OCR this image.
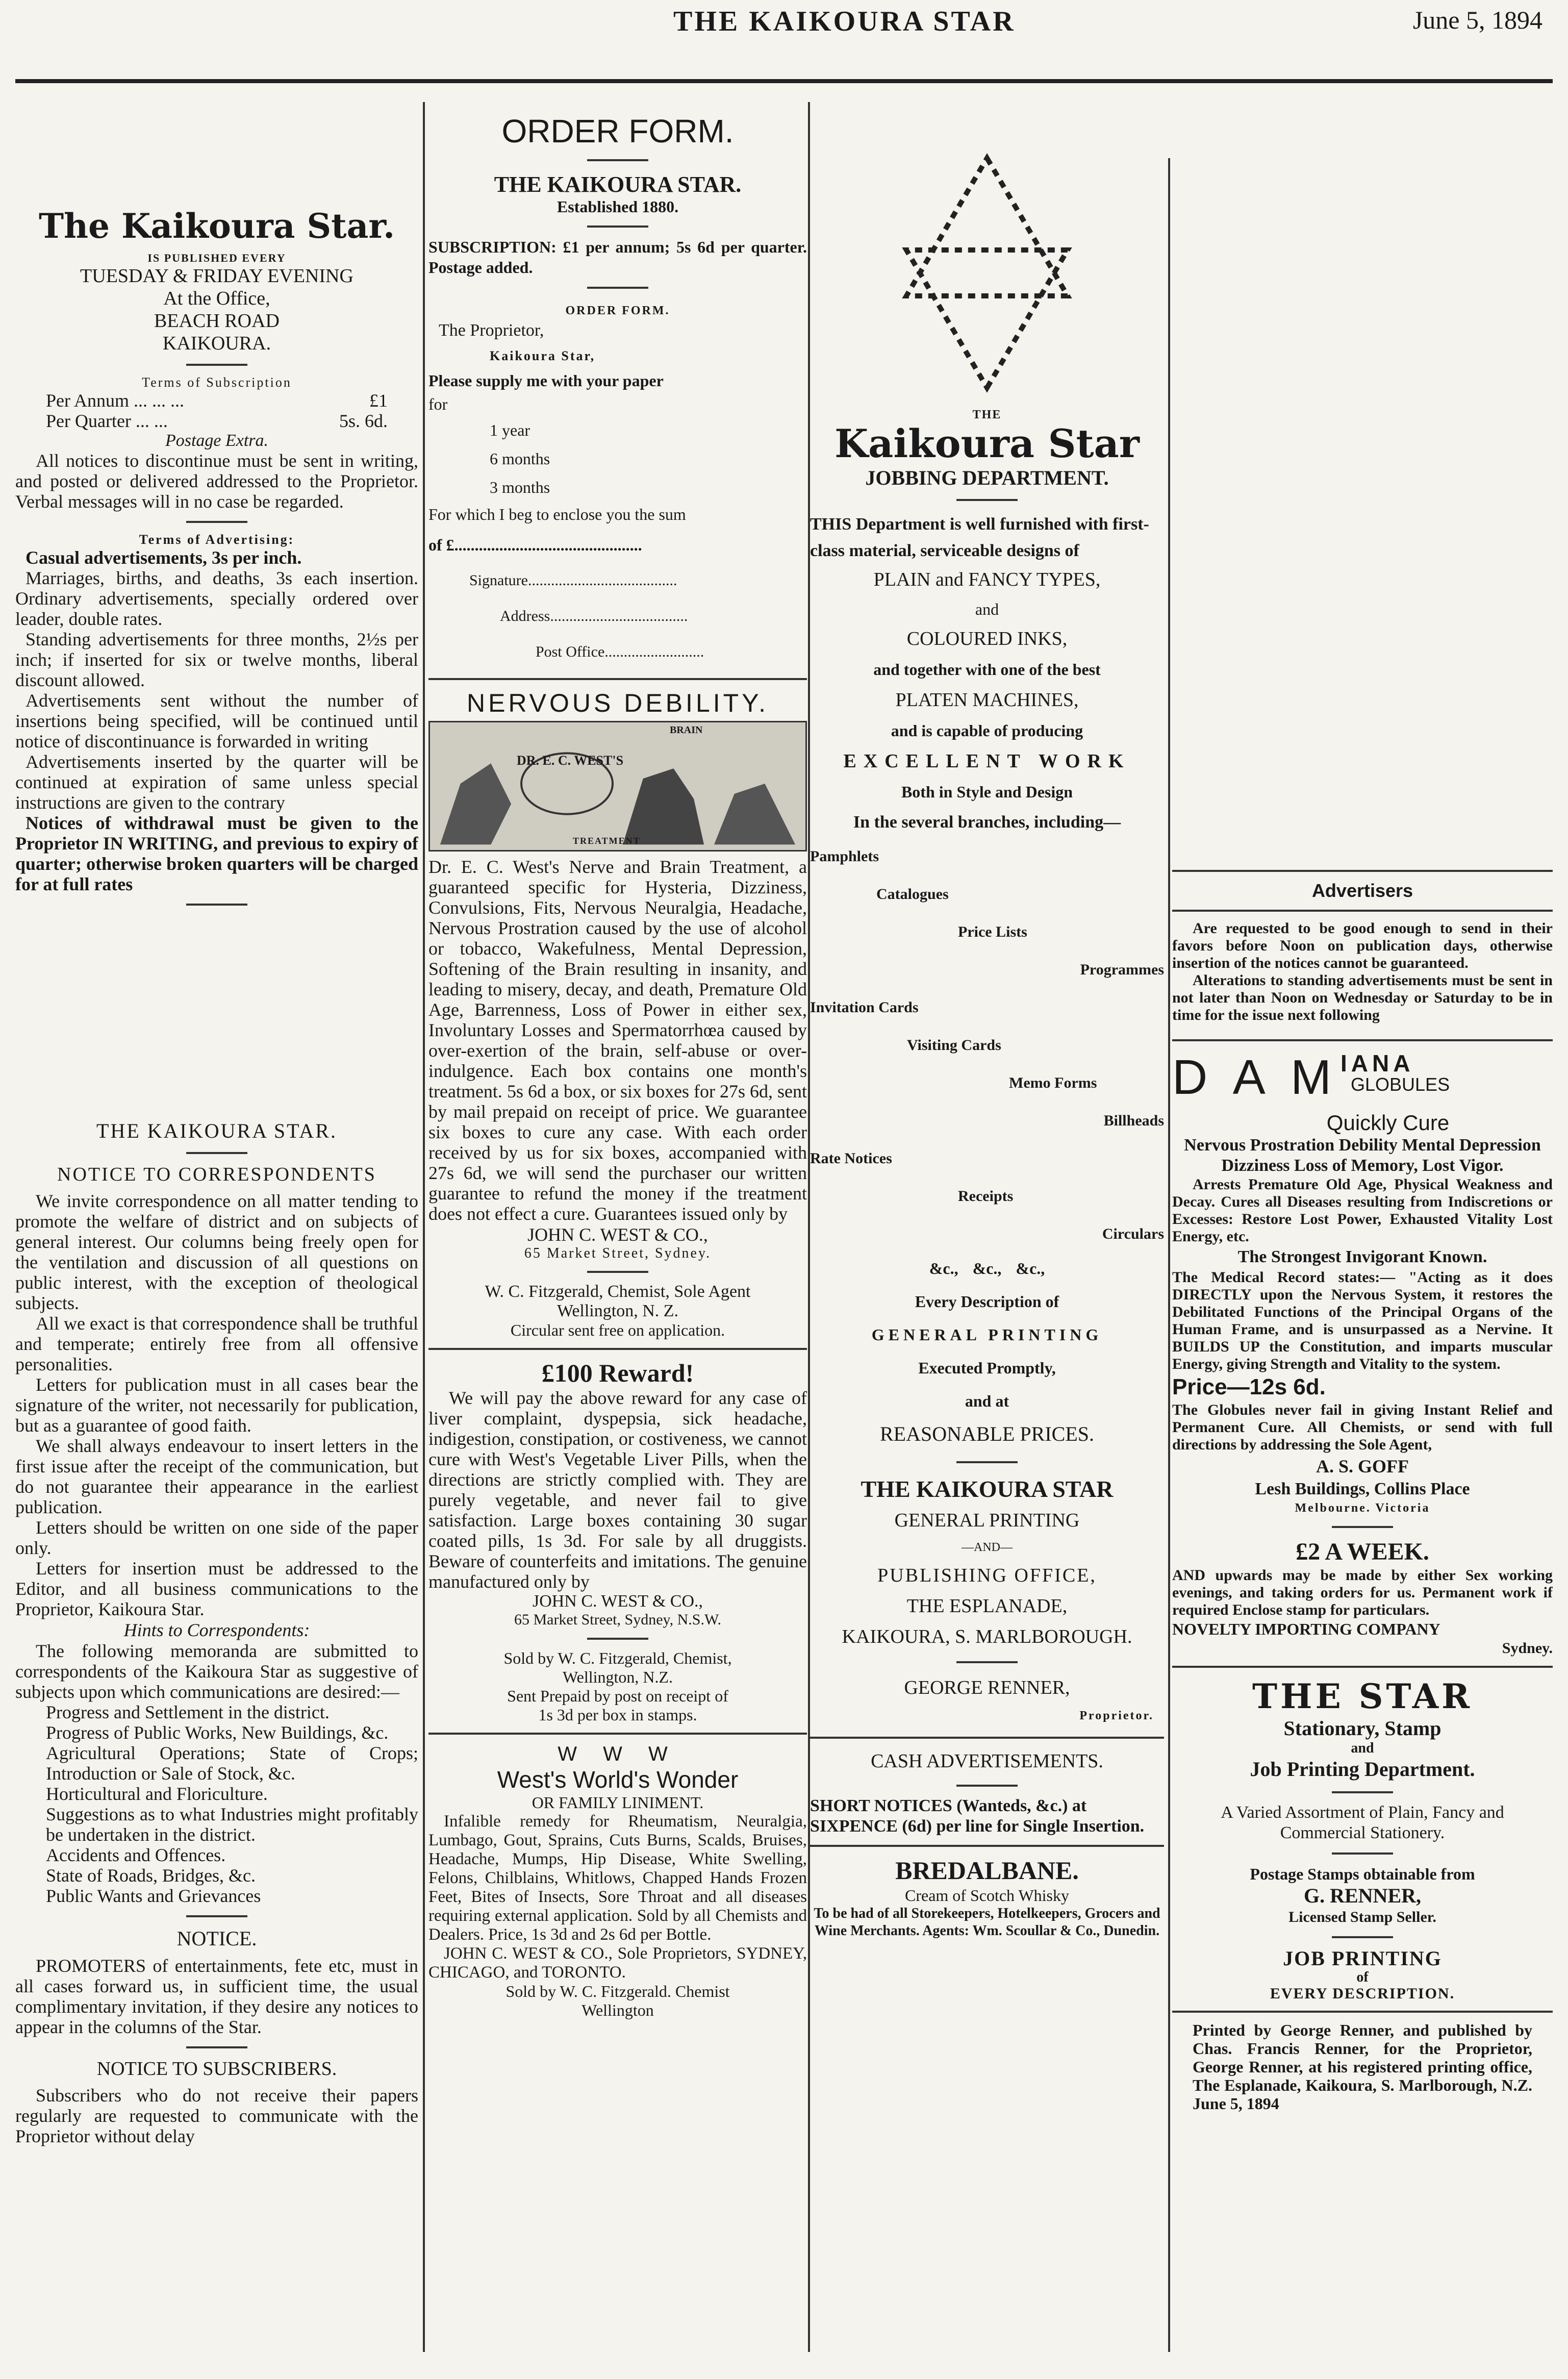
THE KAIKOURA STAR	June 5, 1894

The Kaikoura Star.

IS PUBLISHED EVERY

TUESDAY & FRIDAY EVENING

At the Office,

BEACH ROAD

KAIKOURA.

Terms of Subscription

Per Annum ... ... ...	£1
Per Quarter ... ...	5s. 6d.

Postage Extra.

All notices to discontinue must be sent in writing, and posted or delivered addressed to the Proprietor. Verbal messages will in no case be regarded.

Terms of Advertising:

Casual advertisements, 3s per inch.

Marriages, births, and deaths, 3s each insertion. Ordinary advertisements, specially ordered over leader, double rates.

Standing advertisements for three months, 2½s per inch; if inserted for six or twelve months, liberal discount allowed.

Advertisements sent without the number of insertions being specified, will be continued until notice of discontinuance is forwarded in writing

Advertisements inserted by the quarter will be continued at expiration of same unless special instructions are given to the contrary

Notices of withdrawal must be given to the Proprietor IN WRITING, and previous to expiry of quarter; otherwise broken quarters will be charged for at full rates

THE KAIKOURA STAR.

NOTICE TO CORRESPONDENTS

We invite correspondence on all matter tending to promote the welfare of district and on subjects of general interest. Our columns being freely open for the ventilation and discussion of all questions on public interest, with the exception of theological subjects.

All we exact is that correspondence shall be truthful and temperate; entirely free from all offensive personalities.

Letters for publication must in all cases bear the signature of the writer, not necessarily for publication, but as a guarantee of good faith.

We shall always endeavour to insert letters in the first issue after the receipt of the communication, but do not guarantee their appearance in the earliest publication.

Letters should be written on one side of the paper only.

Letters for insertion must be addressed to the Editor, and all business communications to the Proprietor, Kaikoura Star.

Hints to Correspondents:

The following memoranda are submitted to correspondents of the Kaikoura Star as suggestive of subjects upon which communications are desired:—

Progress and Settlement in the district.

Progress of Public Works, New Buildings, &c.

Agricultural Operations; State of Crops; Introduction or Sale of Stock, &c.

Horticultural and Floriculture.

Suggestions as to what Industries might profitably be undertaken in the district.

Accidents and Offences.

State of Roads, Bridges, &c.

Public Wants and Grievances

NOTICE.

PROMOTERS of entertainments, fete etc, must in all cases forward us, in sufficient time, the usual complimentary invitation, if they desire any notices to appear in the columns of the Star.

NOTICE TO SUBSCRIBERS.

Subscribers who do not receive their papers regularly are requested to communicate with the Proprietor without delay

ORDER FORM.

THE KAIKOURA STAR.

Established 1880.

SUBSCRIPTION: £1 per annum; 5s 6d per quarter. Postage added.

ORDER FORM.

The Proprietor,

Kaikoura Star,

Please supply me with your paper

for

1 year

6 months

3 months

For which I beg to enclose you the sum

of £..............................................

Signature.......................................

Address....................................

Post Office..........................

NERVOUS DEBILITY.

DR. E. C. WEST'S
BRAIN
TREATMENT

Dr. E. C. West's Nerve and Brain Treatment, a guaranteed specific for Hysteria, Dizziness, Convulsions, Fits, Nervous Neuralgia, Headache, Nervous Prostration caused by the use of alcohol or tobacco, Wakefulness, Mental Depression, Softening of the Brain resulting in insanity, and leading to misery, decay, and death, Premature Old Age, Barrenness, Loss of Power in either sex, Involuntary Losses and Spermatorrhœa caused by over-exertion of the brain, self-abuse or over-indulgence. Each box contains one month's treatment. 5s 6d a box, or six boxes for 27s 6d, sent by mail prepaid on receipt of price. We guarantee six boxes to cure any case. With each order received by us for six boxes, accompanied with 27s 6d, we will send the purchaser our written guarantee to refund the money if the treatment does not effect a cure. Guarantees issued only by

JOHN C. WEST & CO.,

65 Market Street, Sydney.

W. C. Fitzgerald, Chemist, Sole Agent

Wellington, N. Z.

Circular sent free on application.

£100 Reward!

We will pay the above reward for any case of liver complaint, dyspepsia, sick headache, indigestion, constipation, or costiveness, we cannot cure with West's Vegetable Liver Pills, when the directions are strictly complied with. They are purely vegetable, and never fail to give satisfaction. Large boxes containing 30 sugar coated pills, 1s 3d. For sale by all druggists. Beware of counterfeits and imitations. The genuine manufactured only by

JOHN C. WEST & CO.,

65 Market Street, Sydney, N.S.W.

Sold by W. C. Fitzgerald, Chemist,

Wellington, N.Z.

Sent Prepaid by post on receipt of

1s 3d per box in stamps.

W W W

West's World's Wonder

OR FAMILY LINIMENT.

Infalible remedy for Rheumatism, Neuralgia, Lumbago, Gout, Sprains, Cuts Burns, Scalds, Bruises, Headache, Mumps, Hip Disease, White Swelling, Felons, Chilblains, Whitlows, Chapped Hands Frozen Feet, Bites of Insects, Sore Throat and all diseases requiring external application. Sold by all Chemists and Dealers. Price, 1s 3d and 2s 6d per Bottle.

JOHN C. WEST & CO., Sole Proprietors, SYDNEY, CHICAGO, and TORONTO.

Sold by W. C. Fitzgerald. Chemist

Wellington

THE

Kaikoura Star

JOBBING DEPARTMENT.

THIS Department is well furnished with first-class material, serviceable designs of

PLAIN and FANCY TYPES,

and

COLOURED INKS,

and together with one of the best

PLATEN MACHINES,

and is capable of producing

EXCELLENT WORK

Both in Style and Design

In the several branches, including—

Pamphlets

Catalogues

Price Lists

Programmes

Invitation Cards

Visiting Cards

Memo Forms

Billheads

Rate Notices

Receipts

Circulars

&c., &c., &c.,

Every Description of

GENERAL PRINTING

Executed Promptly,

and at

REASONABLE PRICES.

THE KAIKOURA STAR

GENERAL PRINTING

—AND—

PUBLISHING OFFICE,

THE ESPLANADE,

KAIKOURA, S. MARLBOROUGH.

GEORGE RENNER,

Proprietor.

CASH ADVERTISEMENTS.

SHORT NOTICES (Wanteds, &c.) at SIXPENCE (6d) per line for Single Insertion.

BREDALBANE.

Cream of Scotch Whisky

To be had of all Storekeepers, Hotelkeepers, Grocers and Wine Merchants. Agents: Wm. Scoullar & Co., Dunedin.

Advertisers

Are requested to be good enough to send in their favors before Noon on publication days, otherwise insertion of the notices cannot be guaranteed.

Alterations to standing advertisements must be sent in not later than Noon on Wednesday or Saturday to be in time for the issue next following

D A M IANA
GLOBULES

Quickly Cure

Nervous Prostration Debility Mental Depression Dizziness Loss of Memory, Lost Vigor.

Arrests Premature Old Age, Physical Weakness and Decay. Cures all Diseases resulting from Indiscretions or Excesses: Restore Lost Power, Exhausted Vitality Lost Energy, etc.

The Strongest Invigorant Known.

The Medical Record states:— "Acting as it does DIRECTLY upon the Nervous System, it restores the Debilitated Functions of the Principal Organs of the Human Frame, and is unsurpassed as a Nervine. It BUILDS UP the Constitution, and imparts muscular Energy, giving Strength and Vitality to the system.

Price—12s 6d.

The Globules never fail in giving Instant Relief and Permanent Cure. All Chemists, or send with full directions by addressing the Sole Agent,

A. S. GOFF

Lesh Buildings, Collins Place

Melbourne. Victoria

£2 A WEEK.

AND upwards may be made by either Sex working evenings, and taking orders for us. Permanent work if required Enclose stamp for particulars.

NOVELTY IMPORTING COMPANY

Sydney.

THE STAR

Stationary, Stamp

and

Job Printing Department.

A Varied Assortment of Plain, Fancy and Commercial Stationery.

Postage Stamps obtainable from

G. RENNER,

Licensed Stamp Seller.

JOB PRINTING

of

EVERY DESCRIPTION.

Printed by George Renner, and published by Chas. Francis Renner, for the Proprietor, George Renner, at his registered printing office, The Esplanade, Kaikoura, S. Marlborough, N.Z. June 5, 1894
